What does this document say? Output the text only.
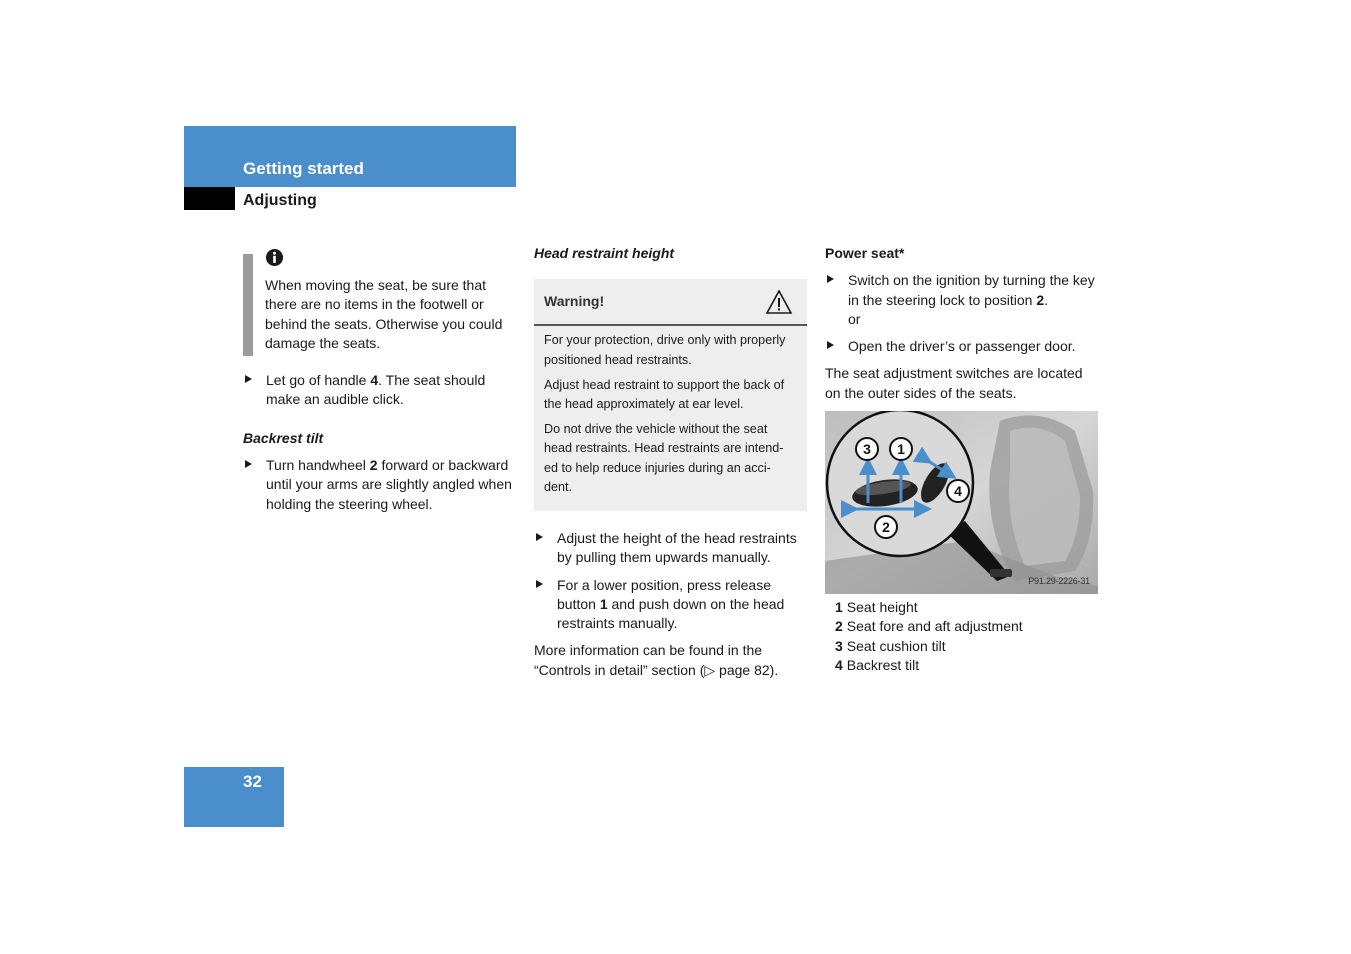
Getting started
Adjusting

When moving the seat, be sure that there are no items in the footwell or behind the seats. Otherwise you could damage the seats.

Let go of handle 4. The seat should make an audible click.
Backrest tilt
Turn handwheel 2 forward or backward until your arms are slightly angled when holding the steering wheel.
Head restraint height
Warning!

For your protection, drive only with properly positioned head restraints.

Adjust head restraint to support the back of the head approximately at ear level.

Do not drive the vehicle without the seat head restraints. Head restraints are intend-ed to help reduce injuries during an acci-dent.

Adjust the height of the head restraints by pulling them upwards manually.
For a lower position, press release button 1 and push down on the head restraints manually.

More information can be found in the “Controls in detail” section (▷ page 82).

Power seat*
Switch on the ignition by turning the key in the steering lock to position 2.
or
Open the driver’s or passenger door.

The seat adjustment switches are located on the outer sides of the seats.

3 1
4
2
P91.29-2226-31
1 Seat height
2 Seat fore and aft adjustment
3 Seat cushion tilt
4 Backrest tilt
32
